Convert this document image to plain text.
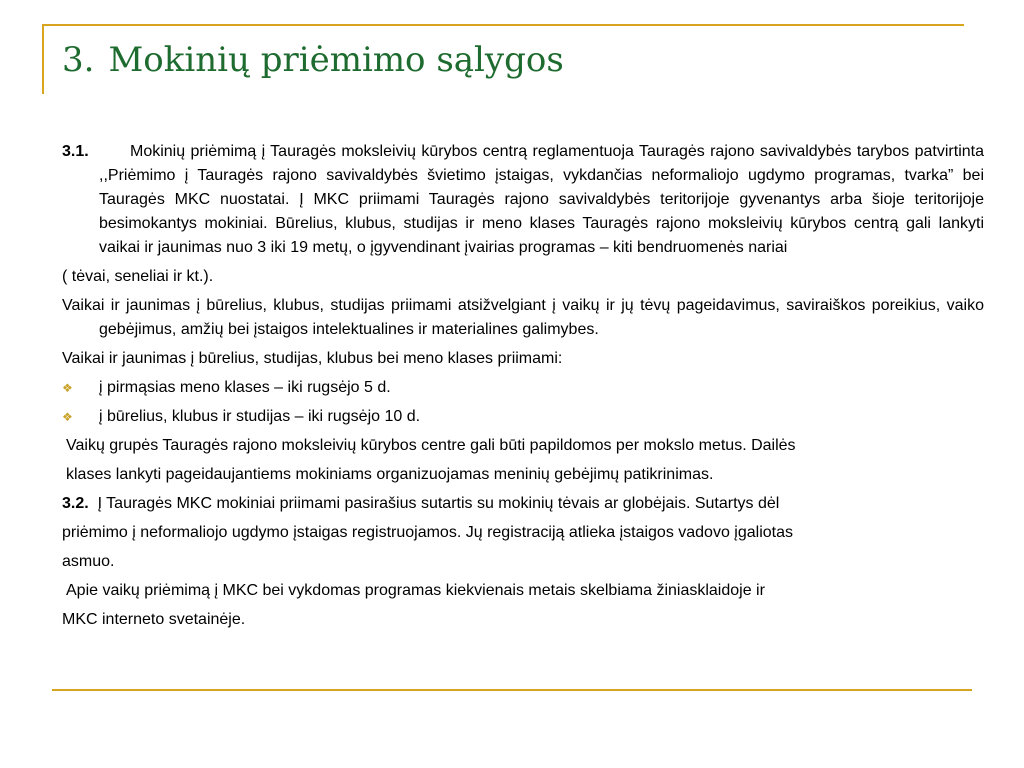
3. Mokinių priėmimo sąlygos

3.1.	Mokinių priėmimą į Tauragės moksleivių kūrybos centrą reglamentuoja Tauragės rajono savivaldybės tarybos patvirtinta ,,Priėmimo į Tauragės rajono savivaldybės švietimo įstaigas, vykdančias neformaliojo ugdymo programas, tvarka” bei Tauragės MKC nuostatai. Į MKC priimami Tauragės rajono savivaldybės teritorijoje gyvenantys arba šioje teritorijoje besimokantys mokiniai. Būrelius, klubus, studijas ir meno klases Tauragės rajono moksleivių kūrybos centrą gali lankyti vaikai ir jaunimas nuo 3 iki 19 metų, o įgyvendinant įvairias programas – kiti bendruomenės nariai

( tėvai, seneliai ir kt.).

Vaikai ir jaunimas į būrelius, klubus, studijas priimami atsižvelgiant į vaikų ir jų tėvų pageidavimus, saviraiškos poreikius, vaiko gebėjimus, amžių bei įstaigos intelektualines ir materialines galimybes.

Vaikai ir jaunimas į būrelius, studijas, klubus bei meno klases priimami:

❖	į pirmąsias meno klases – iki rugsėjo 5 d.

❖	į būrelius, klubus ir studijas – iki rugsėjo 10 d.

Vaikų grupės Tauragės rajono moksleivių kūrybos centre gali būti papildomos per mokslo metus. Dailės

klases lankyti pageidaujantiems mokiniams organizuojamas meninių gebėjimų patikrinimas.

3.2. Į Tauragės MKC mokiniai priimami pasirašius sutartis su mokinių tėvais ar globėjais. Sutartys dėl

priėmimo į neformaliojo ugdymo įstaigas registruojamos. Jų registraciją atlieka įstaigos vadovo įgaliotas

asmuo.

Apie vaikų priėmimą į MKC bei vykdomas programas kiekvienais metais skelbiama žiniasklaidoje ir

MKC interneto svetainėje.
